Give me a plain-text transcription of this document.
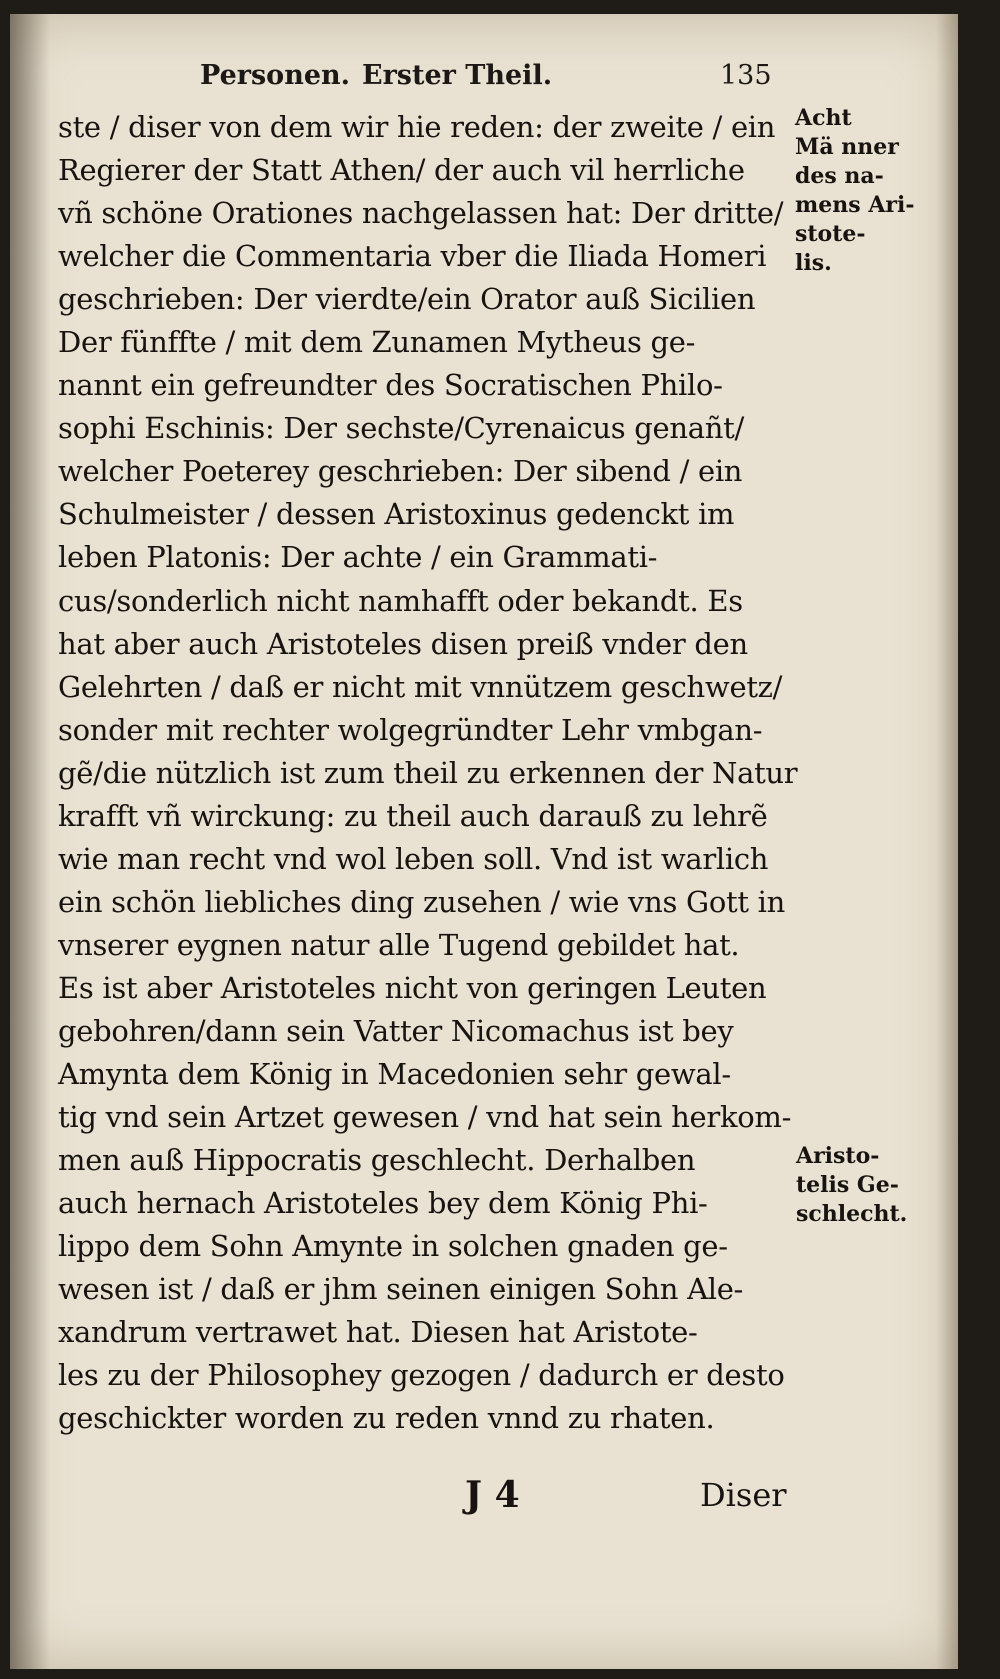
Personen. Erster Theil.	135
ste / diser von dem wir hie reden: der zweite / ein
Regierer der Statt Athen/ der auch vil herrliche
vñ schöne Orationes nachgelassen hat: Der dritte/
welcher die Commentaria vber die Iliada Homeri
geschrieben: Der vierdte/ein Orator auß Sicilien
Der fünffte / mit dem Zunamen Mytheus ge-
nannt ein gefreundter des Socratischen Philo-
sophi Eschinis: Der sechste/Cyrenaicus genañt/
welcher Poeterey geschrieben: Der sibend / ein
Schulmeister / dessen Aristoxinus gedenckt im
leben Platonis: Der achte / ein Grammati-
cus/sonderlich nicht namhafft oder bekandt. Es
hat aber auch Aristoteles disen preiß vnder den
Gelehrten / daß er nicht mit vnnützem geschwetz/
sonder mit rechter wolgegründter Lehr vmbgan-
gẽ/die nützlich ist zum theil zu erkennen der Natur
krafft vñ wirckung: zu theil auch darauß zu lehrẽ
wie man recht vnd wol leben soll. Vnd ist warlich
ein schön liebliches ding zusehen / wie vns Gott in
vnserer eygnen natur alle Tugend gebildet hat.
Es ist aber Aristoteles nicht von geringen Leuten
gebohren/dann sein Vatter Nicomachus ist bey
Amynta dem König in Macedonien sehr gewal-
tig vnd sein Artzet gewesen / vnd hat sein herkom-
men auß Hippocratis geschlecht. Derhalben
auch hernach Aristoteles bey dem König Phi-
lippo dem Sohn Amynte in solchen gnaden ge-
wesen ist / daß er jhm seinen einigen Sohn Ale-
xandrum vertrawet hat. Diesen hat Aristote-
les zu der Philosophey gezogen / dadurch er desto
geschickter worden zu reden vnnd zu rhaten.
Acht
Mä nner
des na-
mens Ari-
stote-
lis.
Aristo-
telis Ge-
schlecht.
J 4	Diser
